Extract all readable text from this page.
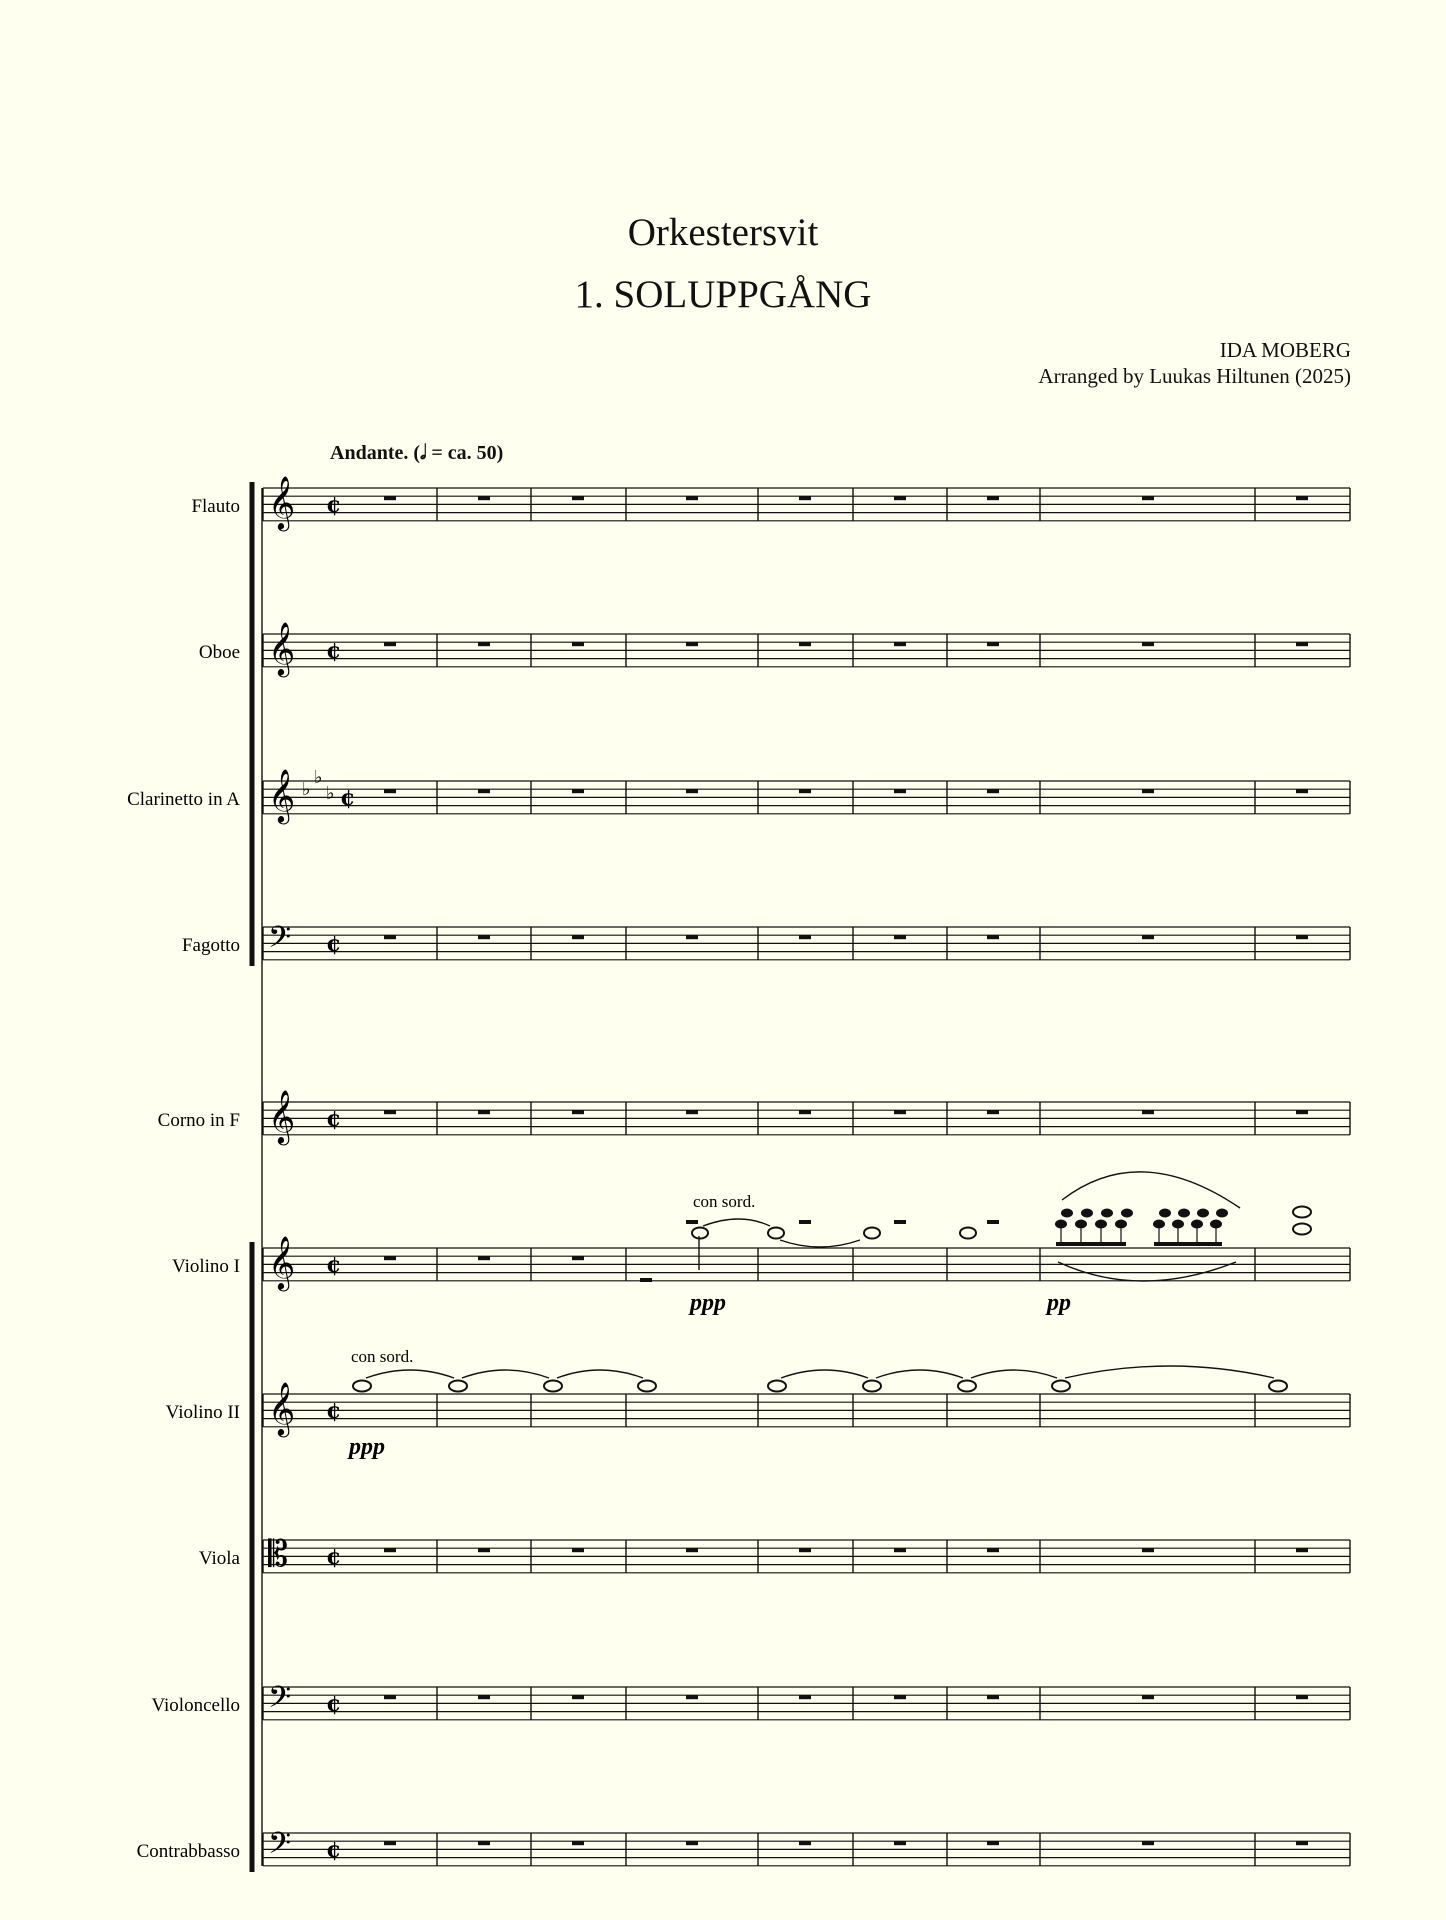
Orkestersvit
1. SOLUPPGÅNG
IDA MOBERG
Arranged by Luukas Hiltunen (2025)
Andante. (𝅗𝅥 = ca. 50)
Flauto 𝄞 ¢
Oboe 𝄞 ¢
Clarinetto in A 𝄞 ♭
♭
♭ ¢
Fagotto 𝄢 ¢
Corno in F 𝄞 ¢
Violino I 𝄞 ¢
Violino II 𝄞 ¢
Viola 𝄡 ¢
Violoncello 𝄢 ¢
Contrabbasso 𝄢 ¢
con sord.
ppp	pp
con sord.
ppp
